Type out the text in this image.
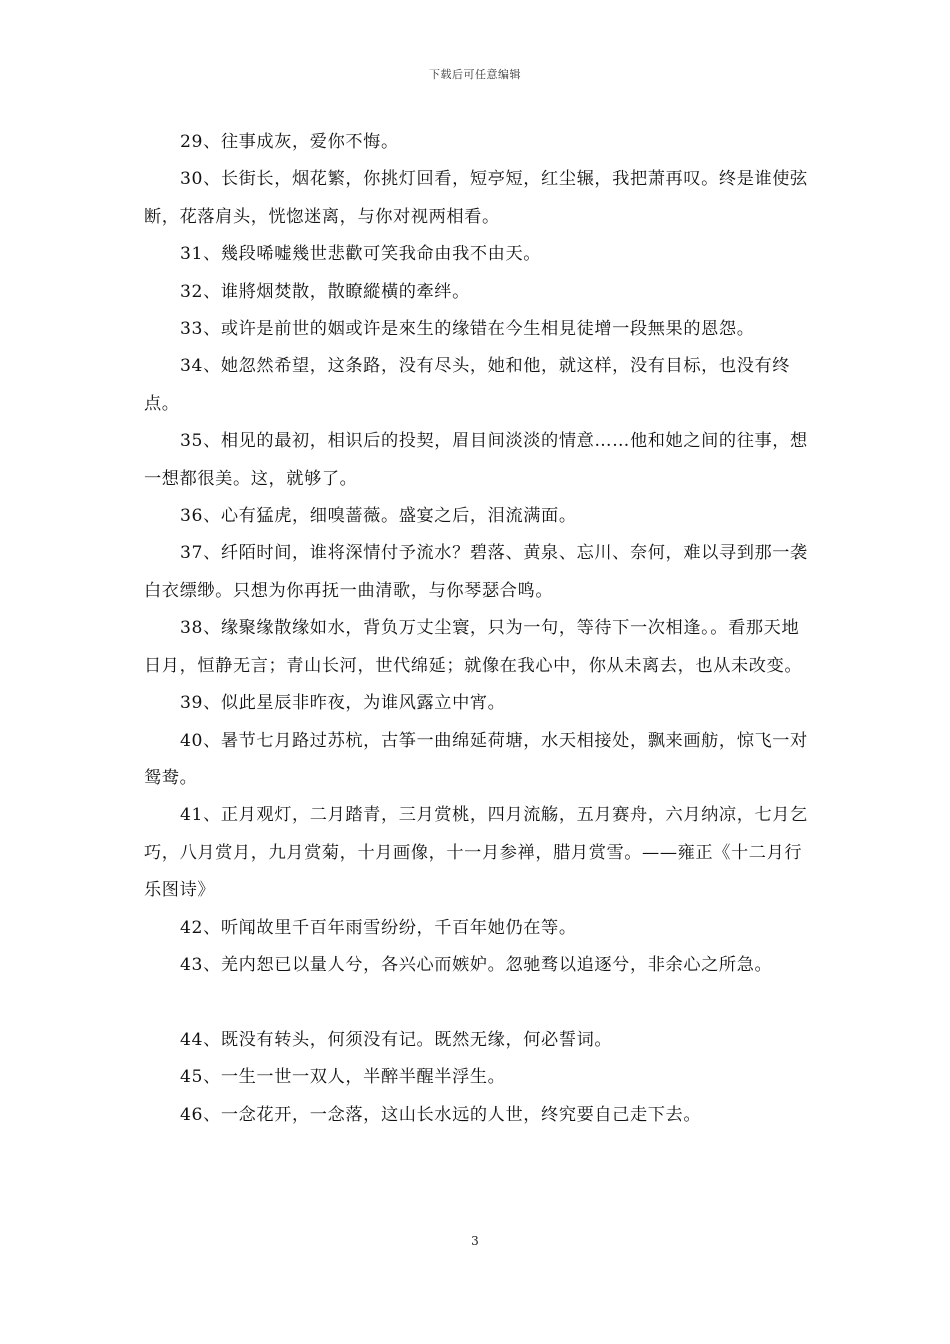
下载后可任意编辑

29、往事成灰，爱你不悔。

30、长街长，烟花繁，你挑灯回看，短亭短，红尘辗，我把萧再叹。终是谁使弦断，花落肩头，恍惚迷离，与你对视两相看。

31、幾段唏嘘幾世悲歡可笑我命由我不由天。

32、谁將烟焚散，散瞭縱橫的牽绊。

33、或许是前世的姻或许是來生的缘错在今生相見徒增一段無果的恩怨。

34、她忽然希望，这条路，没有尽头，她和他，就这样，没有目标，也没有终点。

35、相见的最初，相识后的投契，眉目间淡淡的情意……他和她之间的往事，想一想都很美。这，就够了。

36、心有猛虎，细嗅蔷薇。盛宴之后，泪流满面。

37、纤陌时间，谁将深情付予流水？碧落、黄泉、忘川、奈何，难以寻到那一袭白衣缥缈。只想为你再抚一曲清歌，与你琴瑟合鸣。

38、缘聚缘散缘如水，背负万丈尘寰，只为一句，等待下一次相逢。。看那天地日月，恒静无言；青山长河，世代绵延；就像在我心中，你从未离去，也从未改变。

39、似此星辰非昨夜，为谁风露立中宵。

40、暑节七月路过苏杭，古筝一曲绵延荷塘，水天相接处，飘来画舫，惊飞一对鸳鸯。

41、正月观灯，二月踏青，三月赏桃，四月流觞，五月赛舟，六月纳凉，七月乞巧，八月赏月，九月赏菊，十月画像，十一月参禅，腊月赏雪。——雍正《十二月行乐图诗》

42、听闻故里千百年雨雪纷纷，千百年她仍在等。

43、羌内恕已以量人兮，各兴心而嫉妒。忽驰骛以追逐兮，非余心之所急。

44、既没有转头，何须没有记。既然无缘，何必誓词。

45、一生一世一双人，半醉半醒半浮生。

46、一念花开，一念落，这山长水远的人世，终究要自己走下去。

3
